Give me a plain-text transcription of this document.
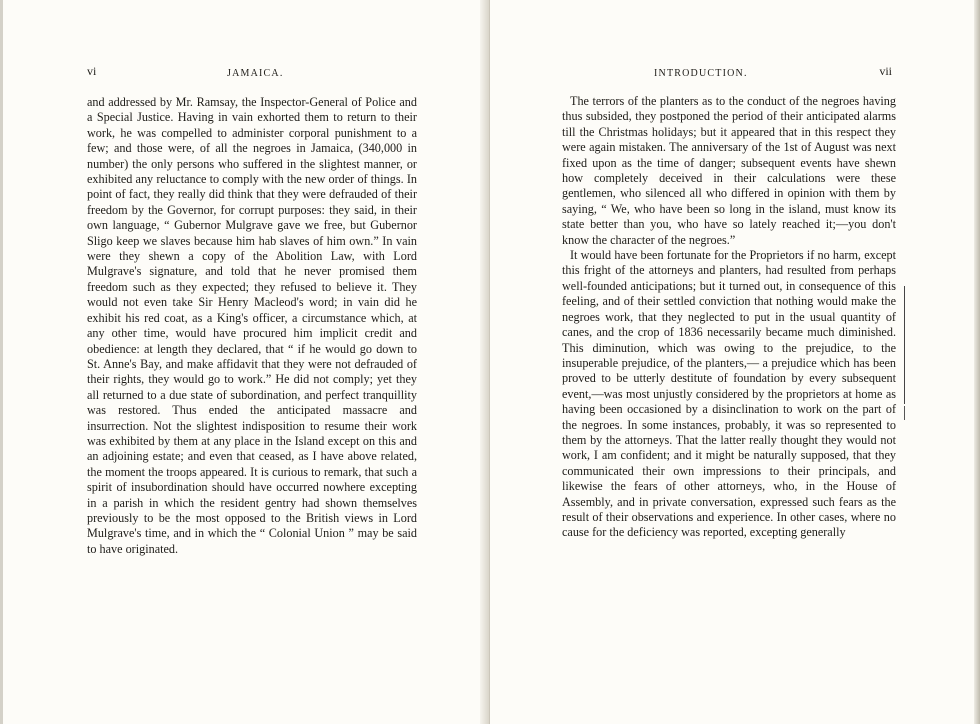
vi	JAMAICA.

and addressed by Mr. Ramsay, the Inspector-General of Police and a Special Justice. Having in vain exhorted them to return to their work, he was compelled to administer corporal punishment to a few; and those were, of all the negroes in Jamaica, (340,000 in number) the only persons who suffered in the slightest manner, or exhibited any reluctance to comply with the new order of things. In point of fact, they really did think that they were defrauded of their freedom by the Governor, for corrupt purposes: they said, in their own language, “ Gubernor Mulgrave gave we free, but Gubernor Sligo keep we slaves because him hab slaves of him own.” In vain were they shewn a copy of the Abolition Law, with Lord Mulgrave's signature, and told that he never promised them freedom such as they expected; they refused to believe it. They would not even take Sir Henry Macleod's word; in vain did he exhibit his red coat, as a King's officer, a circumstance which, at any other time, would have procured him implicit credit and obedience: at length they declared, that “ if he would go down to St. Anne's Bay, and make affidavit that they were not defrauded of their rights, they would go to work.” He did not comply; yet they all returned to a due state of subordination, and perfect tranquillity was restored. Thus ended the anticipated massacre and insurrection. Not the slightest indisposition to resume their work was exhibited by them at any place in the Island except on this and an adjoining estate; and even that ceased, as I have above related, the moment the troops appeared. It is curious to remark, that such a spirit of insubordination should have occurred nowhere excepting in a parish in which the resident gentry had shown themselves previously to be the most opposed to the British views in Lord Mulgrave's time, and in which the “ Colonial Union ” may be said to have originated.

INTRODUCTION.	vii

The terrors of the planters as to the conduct of the negroes having thus subsided, they postponed the period of their anticipated alarms till the Christmas holidays; but it appeared that in this respect they were again mistaken. The anniversary of the 1st of August was next fixed upon as the time of danger; subsequent events have shewn how completely deceived in their calculations were these gentlemen, who silenced all who differed in opinion with them by saying, “ We, who have been so long in the island, must know its state better than you, who have so lately reached it;—you don't know the character of the negroes.”

It would have been fortunate for the Proprietors if no harm, except this fright of the attorneys and planters, had resulted from perhaps well-founded anticipations; but it turned out, in consequence of this feeling, and of their settled conviction that nothing would make the negroes work, that they neglected to put in the usual quantity of canes, and the crop of 1836 necessarily became much diminished. This diminution, which was owing to the prejudice, to the insuperable prejudice, of the planters,— a prejudice which has been proved to be utterly destitute of foundation by every subsequent event,—was most unjustly considered by the proprietors at home as having been occasioned by a disinclination to work on the part of the negroes. In some instances, probably, it was so represented to them by the attorneys. That the latter really thought they would not work, I am confident; and it might be naturally supposed, that they communicated their own impressions to their principals, and likewise the fears of other attorneys, who, in the House of Assembly, and in private conversation, expressed such fears as the result of their observations and experience. In other cases, where no cause for the deficiency was reported, excepting generally
